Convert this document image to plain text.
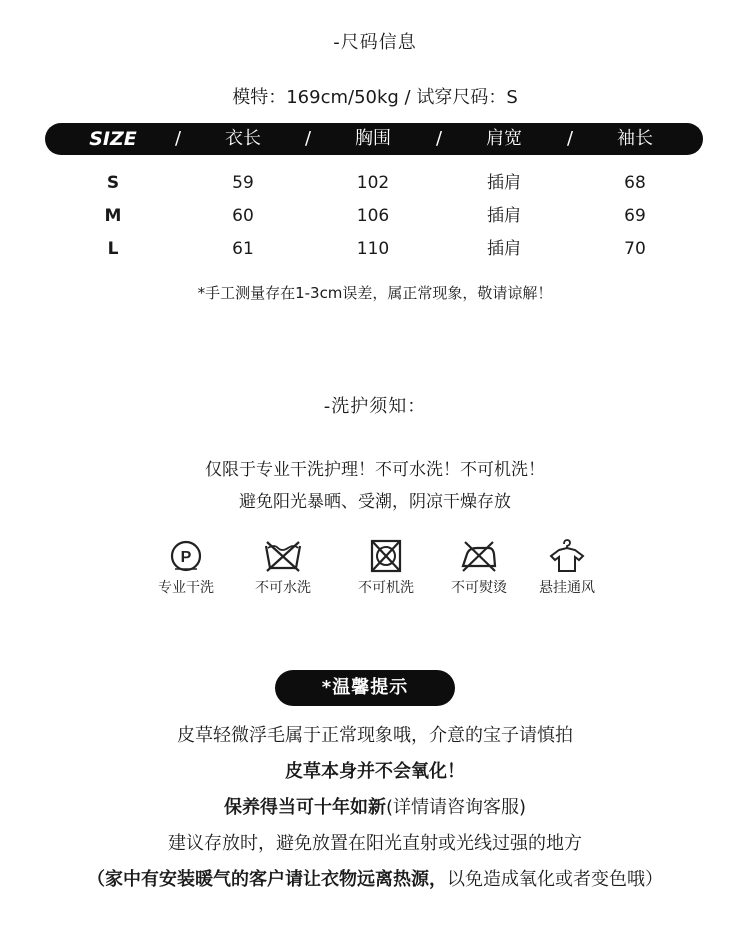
-尺码信息
模特：169cm/50kg / 试穿尺码：S
SIZE	/	衣长	/	胸围	/	肩宽	/	袖长
S	59	102	插肩	68
M	60	106	插肩	69
L	61	110	插肩	70
*手工测量存在1-3cm误差，属正常现象，敬请谅解！
-洗护须知：
仅限于专业干洗护理！不可水洗！不可机洗！
避免阳光暴晒、受潮，阴凉干燥存放
P
专业干洗	不可水洗	不可机洗	不可熨烫	悬挂通风
*温馨提示
皮草轻微浮毛属于正常现象哦，介意的宝子请慎拍
皮草本身并不会氧化！
保养得当可十年如新(详情请咨询客服)
建议存放时，避免放置在阳光直射或光线过强的地方
（家中有安装暖气的客户请让衣物远离热源，以免造成氧化或者变色哦）
